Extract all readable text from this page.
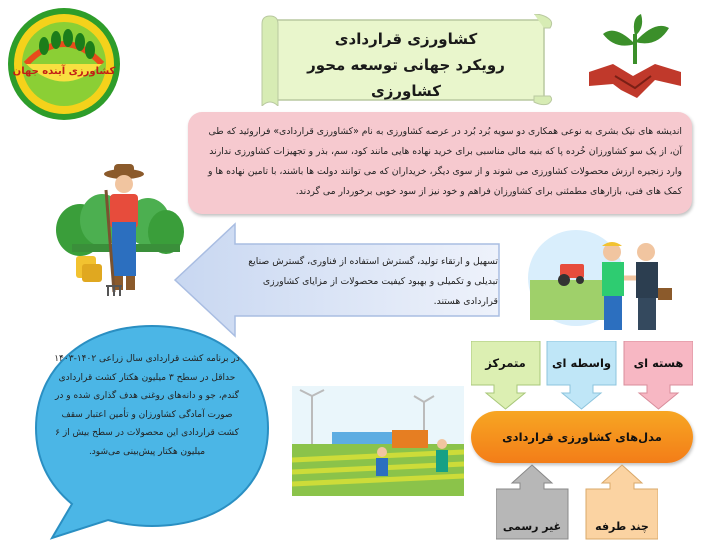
کشاورزی آینده جهان
کشاورزی قراردادی
رویکرد جهانی توسعه محور کشاورزی
اندیشه های نیک بشری به نوعی همکاری دو سویه بُرد بُرد در عرصه کشاورزی به نام «کشاورزی قراردادی» فراروئید که طی آن، از یک سو کشاورزان خُرده پا که بنیه مالی مناسبی برای خرید نهاده هایی مانند کود، سم، بذر و تجهیزات کشاورزی ندارند وارد زنجیره ارزش محصولات کشاورزی می شوند و از سوی دیگر، خریداران که می توانند دولت ها باشند، با تامین نهاده ها و کمک های فنی، بازارهای مطمئنی برای کشاورزان فراهم و خود نیز از سود خوبی برخوردار می گردند.
تسهیل و ارتقاء تولید، گسترش استفاده از فناوری، گسترش صنایع تبدیلی و تکمیلی و بهبود کیفیت محصولات از مزایای کشاورزی قراردادی هستند.
در برنامه کشت قراردادی سال زراعی ۱۴۰۲-۱۴۰۳ حداقل در سطح ۳ میلیون هکتار کشت قراردادی گندم، جو و دانه‌های روغنی هدف گذاری شده و در صورت آمادگی کشاورزان و تأمین اعتبار سقف کشت قراردادی این محصولات در سطح بیش از ۶ میلیون هکتار پیش‌بینی می‌شود.
متمرکز	واسطه ای	هسته ای
مدل‌های کشاورزی قراردادی
غیر رسمی	چند طرفه
